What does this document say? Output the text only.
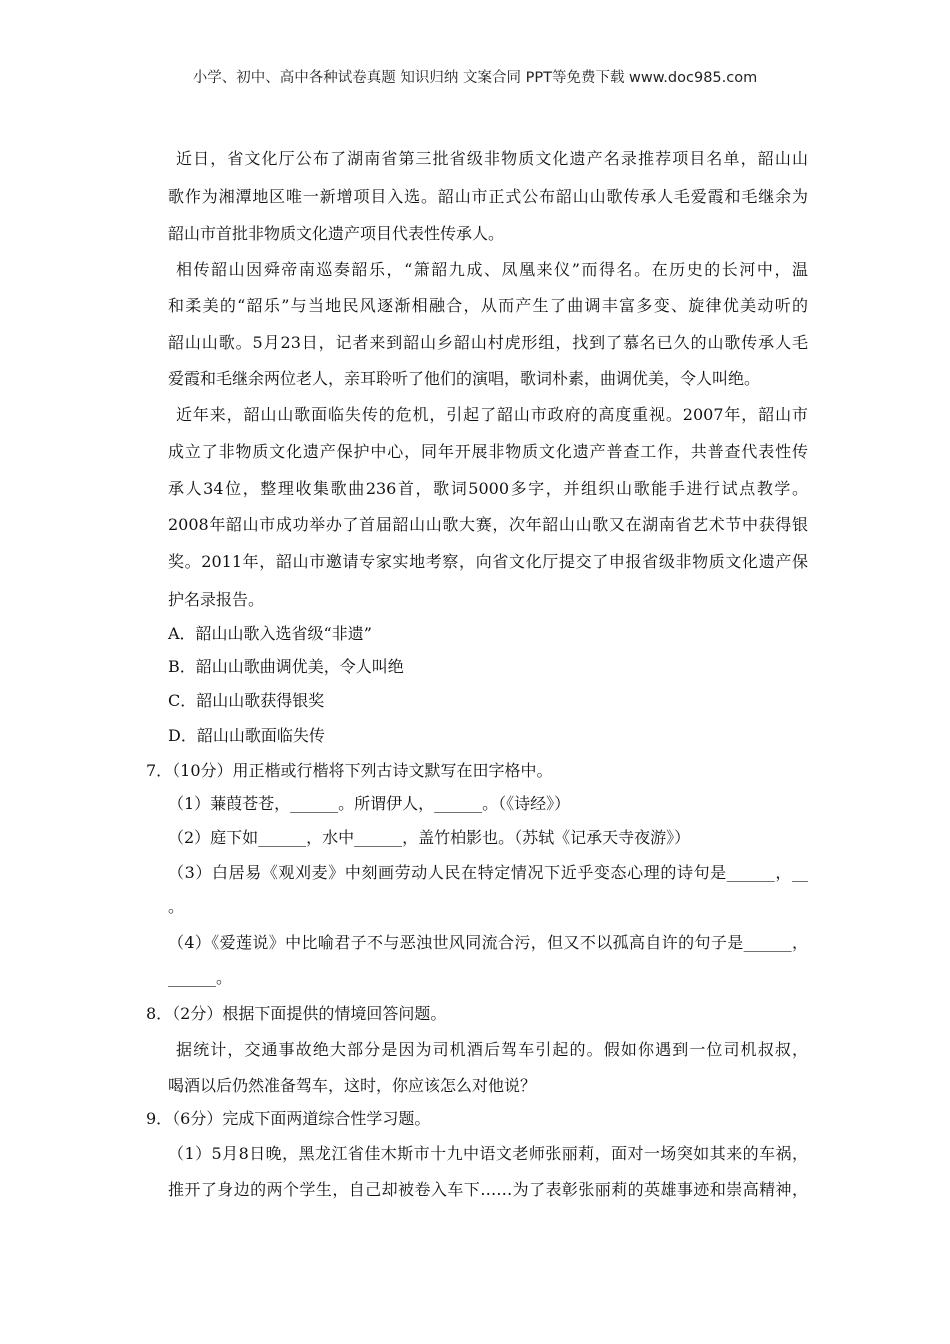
小学、初中、高中各种试卷真题 知识归纳 文案合同 PPT等免费下载 www.doc985.com
近日，省文化厅公布了湖南省第三批省级非物质文化遗产名录推荐项目名单，韶山山
歌作为湘潭地区唯一新增项目入选。韶山市正式公布韶山山歌传承人毛爱霞和毛继余为
韶山市首批非物质文化遗产项目代表性传承人。
相传韶山因舜帝南巡奏韶乐，“箫韶九成、凤凰来仪”而得名。在历史的长河中，温
和柔美的“韶乐”与当地民风逐渐相融合，从而产生了曲调丰富多变、旋律优美动听的
韶山山歌。5月23日，记者来到韶山乡韶山村虎形组，找到了慕名已久的山歌传承人毛
爱霞和毛继余两位老人，亲耳聆听了他们的演唱，歌词朴素，曲调优美，令人叫绝。
近年来，韶山山歌面临失传的危机，引起了韶山市政府的高度重视。2007年，韶山市
成立了非物质文化遗产保护中心，同年开展非物质文化遗产普查工作，共普查代表性传
承人34位，整理收集歌曲236首，歌词5000多字，并组织山歌能手进行试点教学。
2008年韶山市成功举办了首届韶山山歌大赛，次年韶山山歌又在湖南省艺术节中获得银
奖。2011年，韶山市邀请专家实地考察，向省文化厅提交了申报省级非物质文化遗产保
护名录报告。
A．韶山山歌入选省级“非遗”
B．韶山山歌曲调优美，令人叫绝
C．韶山山歌获得银奖
D．韶山山歌面临失传
7．（10分）用正楷或行楷将下列古诗文默写在田字格中。
（1）蒹葭苍苍，______。所谓伊人，______。（《诗经》）
（2）庭下如______，水中______，盖竹柏影也。（苏轼《记承天寺夜游》）
（3）白居易《观刈麦》中刻画劳动人民在特定情况下近乎变态心理的诗句是______，__
。
（4）《爱莲说》中比喻君子不与恶浊世风同流合污，但又不以孤高自许的句子是______，
______。
8．（2分）根据下面提供的情境回答问题。
据统计，交通事故绝大部分是因为司机酒后驾车引起的。假如你遇到一位司机叔叔，
喝酒以后仍然准备驾车，这时，你应该怎么对他说？
9．（6分）完成下面两道综合性学习题。
（1）5月8日晚，黑龙江省佳木斯市十九中语文老师张丽莉，面对一场突如其来的车祸，
推开了身边的两个学生，自己却被卷入车下……为了表彰张丽莉的英雄事迹和崇高精神，
